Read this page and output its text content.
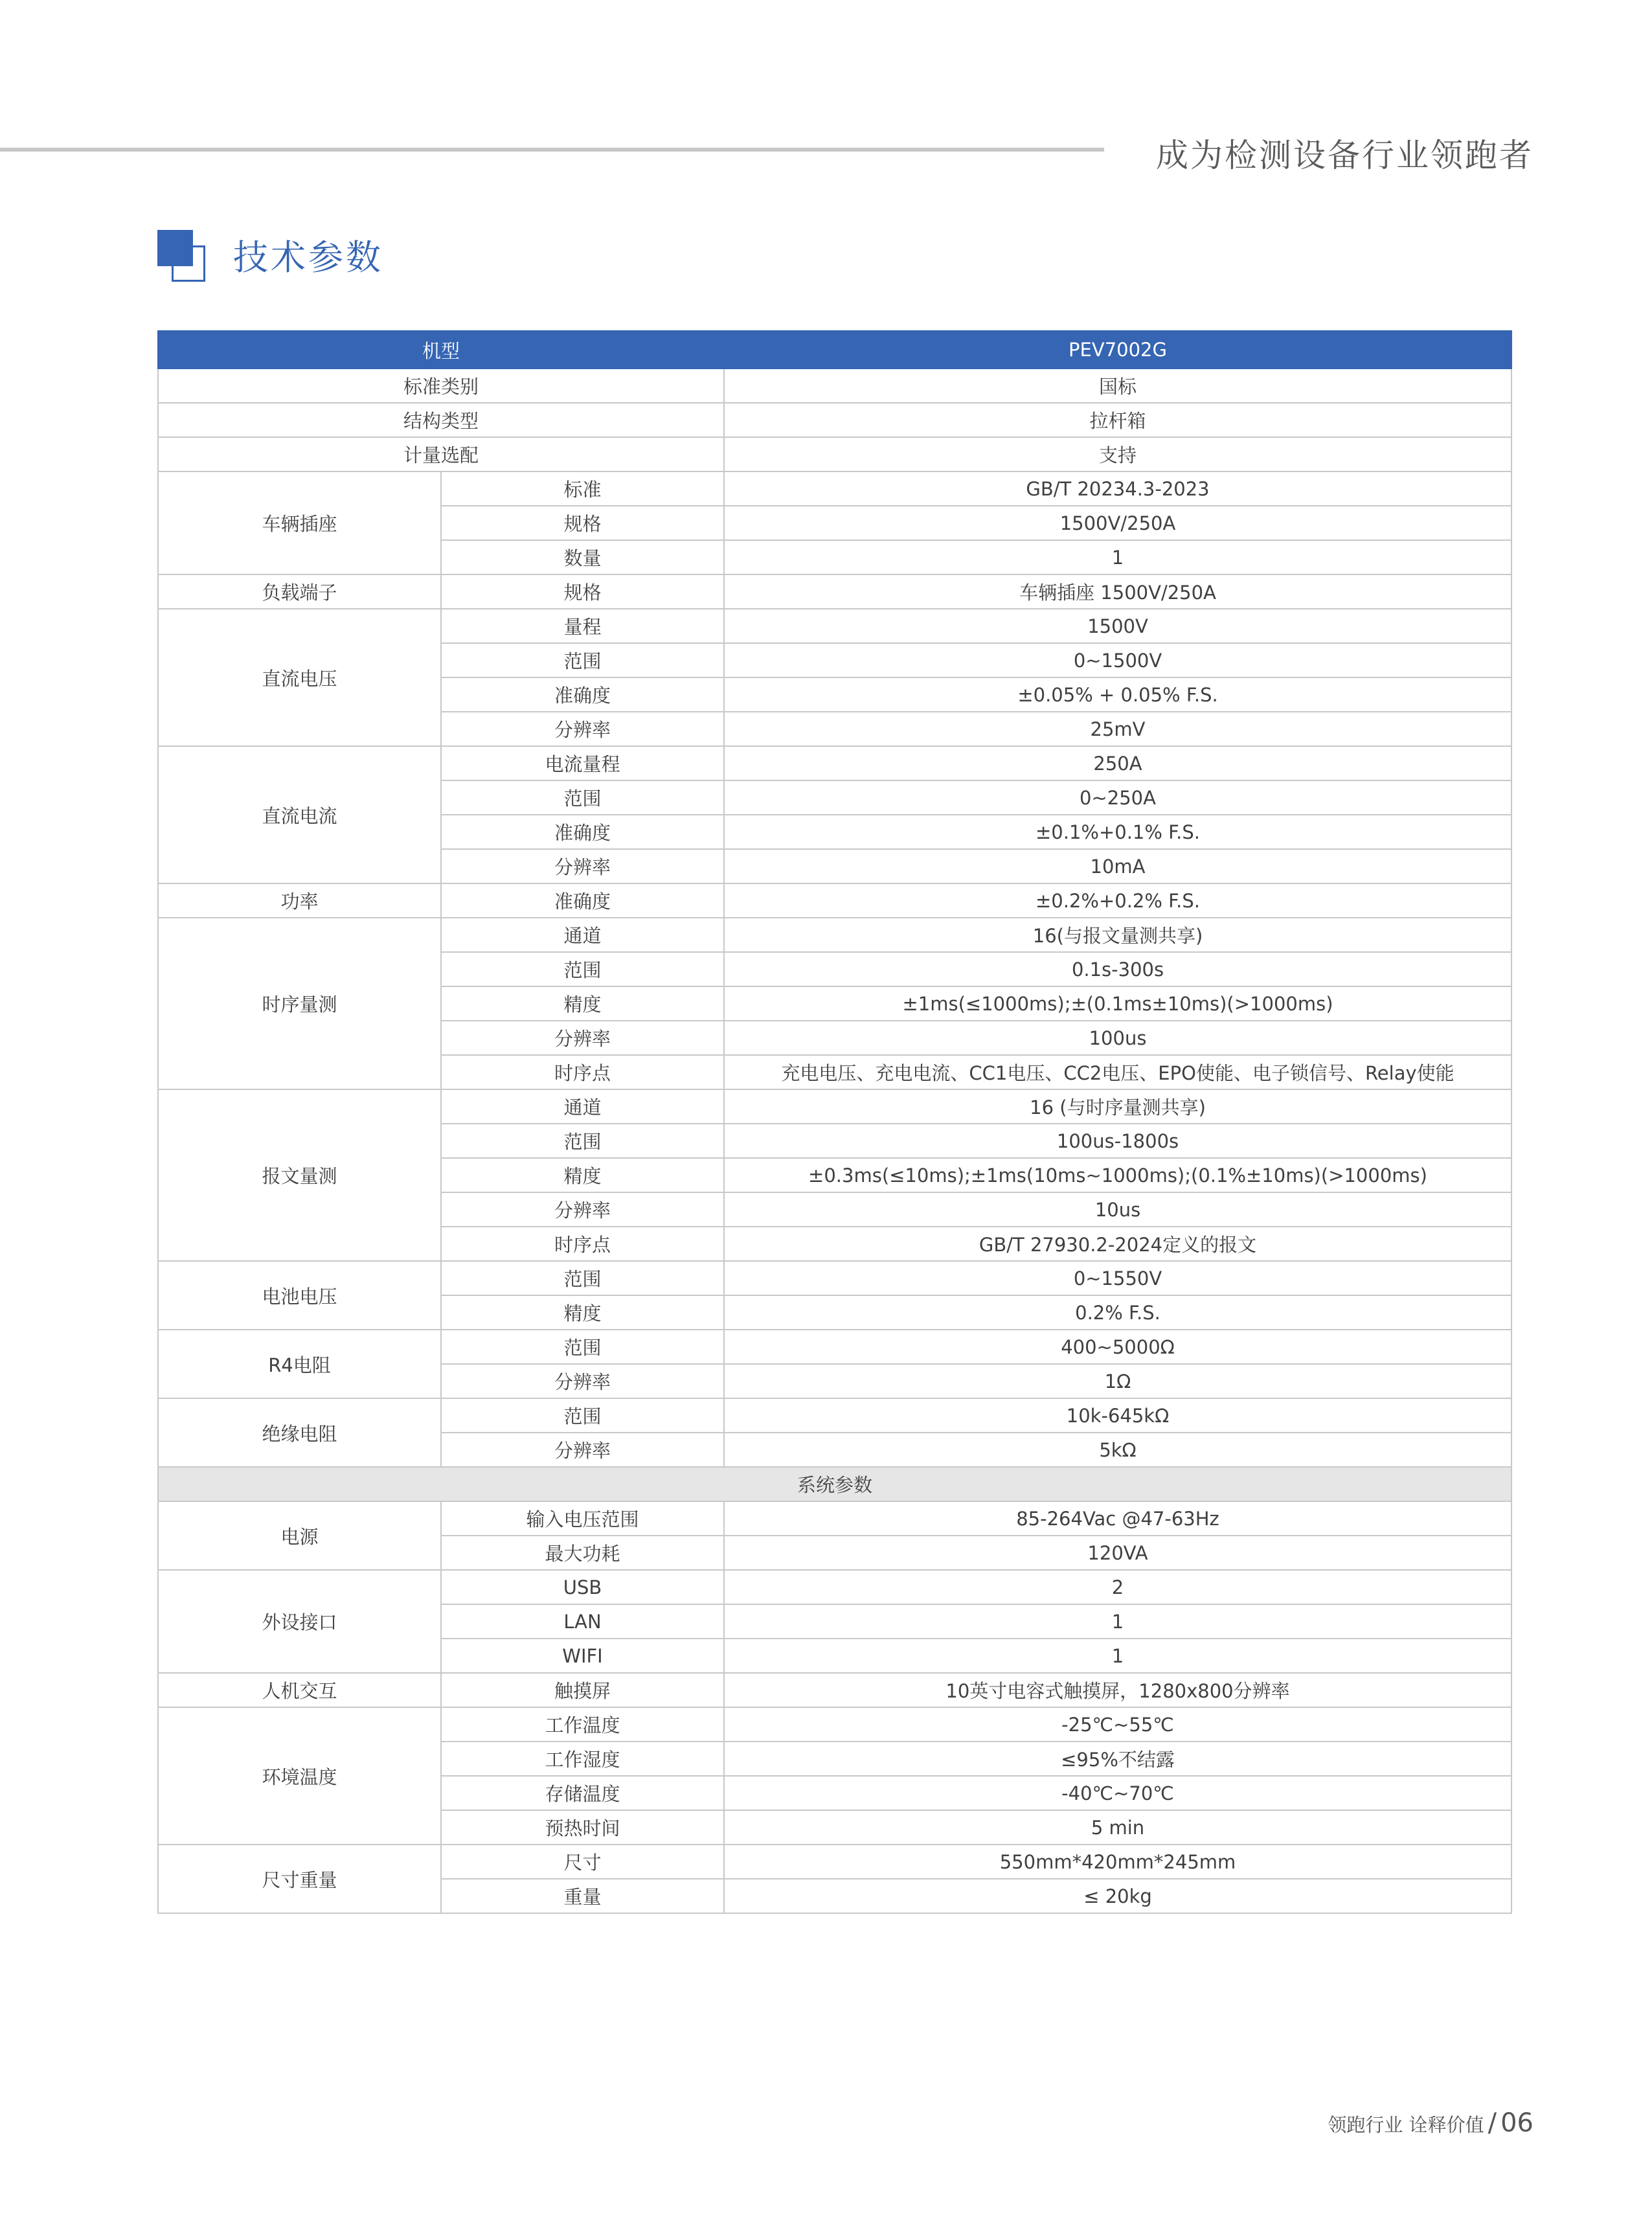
成为检测设备行业领跑者
技术参数
机型		PEV7002G
标准类别		国标
结构类型		拉杆箱
计量选配		支持
车辆插座	标准	GB/T 20234.3-2023
	规格	1500V/250A
	数量	1
负载端子	规格	车辆插座 1500V/250A
直流电压	量程	1500V
	范围	0~1500V
	准确度	±0.05% + 0.05% F.S.
	分辨率	25mV
直流电流	电流量程	250A
	范围	0~250A
	准确度	±0.1%+0.1% F.S.
	分辨率	10mA
功率	准确度	±0.2%+0.2% F.S.
时序量测	通道	16(与报文量测共享)
	范围	0.1s-300s
	精度	±1ms(≤1000ms);±(0.1ms±10ms)(>1000ms)
	分辨率	100us
	时序点	充电电压、充电电流、CC1电压、CC2电压、EPO使能、电子锁信号、Relay使能
报文量测	通道	16 (与时序量测共享)
	范围	100us-1800s
	精度	±0.3ms(≤10ms);±1ms(10ms~1000ms);(0.1%±10ms)(>1000ms)
	分辨率	10us
	时序点	GB/T 27930.2-2024定义的报文
电池电压	范围	0~1550V
	精度	0.2% F.S.
R4电阻	范围	400~5000Ω
	分辨率	1Ω
绝缘电阻	范围	10k-645kΩ
	分辨率	5kΩ
系统参数		
电源	输入电压范围	85-264Vac @47-63Hz
	最大功耗	120VA
外设接口	USB	2
	LAN	1
	WIFI	1
人机交互	触摸屏	10英寸电容式触摸屏，1280x800分辨率
环境温度	工作温度	-25℃~55℃
	工作湿度	≤95%不结露
	存储温度	-40℃~70℃
	预热时间	5 min
尺寸重量	尺寸	550mm*420mm*245mm
	重量	≤ 20kg
领跑行业 诠释价值 / 06
